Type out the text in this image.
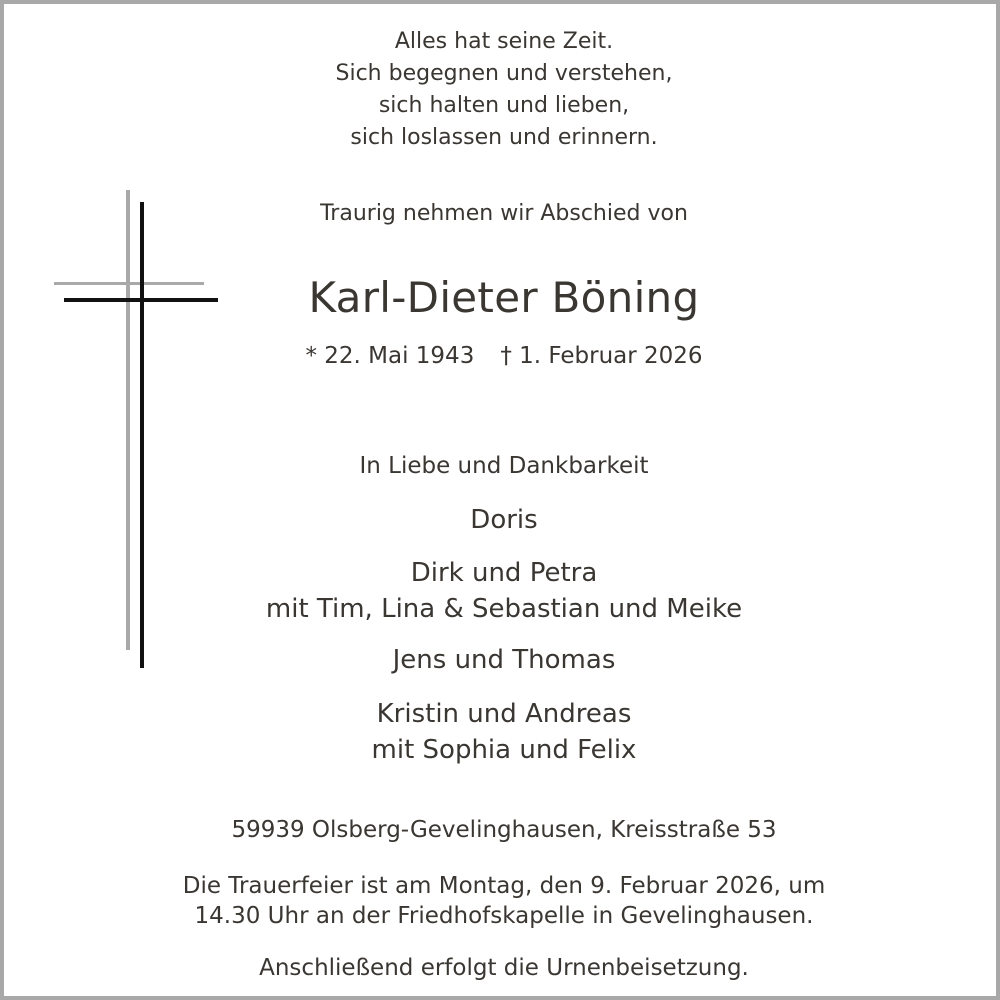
Alles hat seine Zeit.
Sich begegnen und verstehen,
sich halten und lieben,
sich loslassen und erinnern.
Traurig nehmen wir Abschied von
Karl-Dieter Böning
* 22. Mai 1943 † 1. Februar 2026
In Liebe und Dankbarkeit
Doris
Dirk und Petra
mit Tim, Lina & Sebastian und Meike
Jens und Thomas
Kristin und Andreas
mit Sophia und Felix
59939 Olsberg-Gevelinghausen, Kreisstraße 53
Die Trauerfeier ist am Montag, den 9. Februar 2026, um
14.30 Uhr an der Friedhofskapelle in Gevelinghausen.
Anschließend erfolgt die Urnenbeisetzung.
